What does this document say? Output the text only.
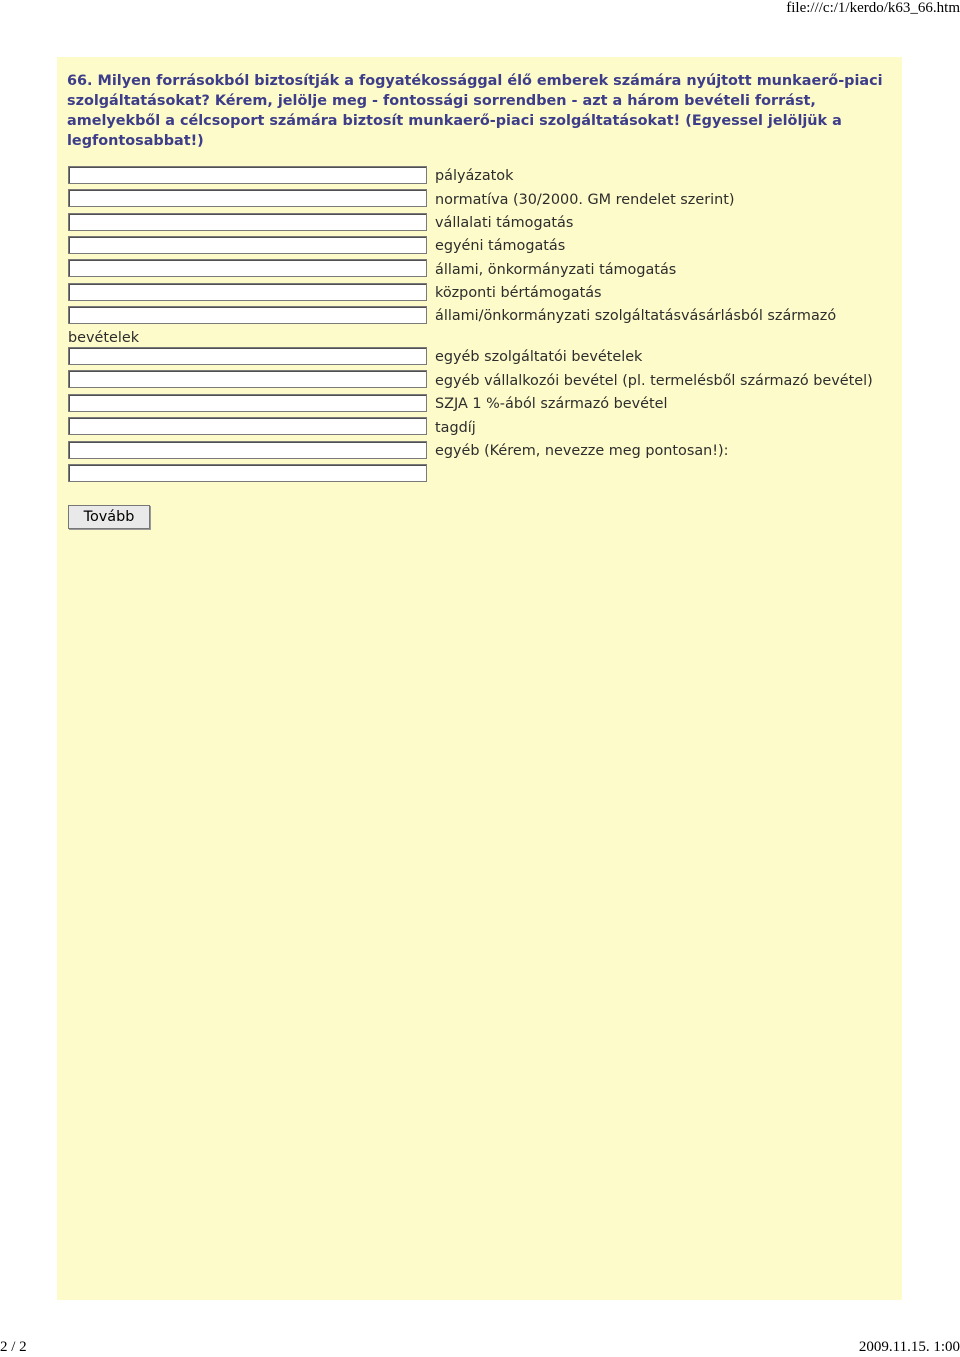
file:///c:/1/kerdo/k63_66.htm
66. Milyen forrásokból biztosítják a fogyatékossággal élő emberek számára nyújtott munkaerő-piaci szolgáltatásokat? Kérem, jelölje meg - fontossági sorrendben - azt a három bevételi forrást, amelyekből a célcsoport számára biztosít munkaerő-piaci szolgáltatásokat! (Egyessel jelöljük a legfontosabbat!)
pályázatok
normatíva (30/2000. GM rendelet szerint)
vállalati támogatás
egyéni támogatás
állami, önkormányzati támogatás
központi bértámogatás
állami/önkormányzati szolgáltatásvásárlásból származó
bevételek
egyéb szolgáltatói bevételek
egyéb vállalkozói bevétel (pl. termelésből származó bevétel)
SZJA 1 %-ából származó bevétel
tagdíj
egyéb (Kérem, nevezze meg pontosan!):
Tovább
2 / 2	2009.11.15. 1:00
